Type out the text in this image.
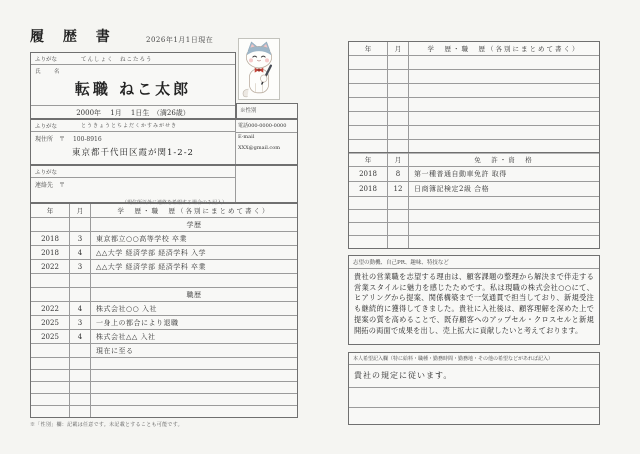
履 歴 書	2026年1月1日現在
ふりがな	てんしょく　ねこたろう
氏　名
転職 ねこ太郎
2000年　 1月　 1日生　（満26歳）	※性別
ふりがな	とうきょうとちよだくかすみがせき
現住所　〒 100-8916
東京都千代田区霞が関1-2-2
電話000-0000-0000
E-mail
XXX@gmail.com
ふりがな
連絡先　〒
（現住所以外に連絡を希望する場合のみ記入）
年	月	学　歴・職　歴（各別にまとめて書く）
学歴
2018	3	東京都立○○高等学校 卒業
2018	4	△△大学 経済学部 経済学科 入学
2022	3	△△大学 経済学部 経済学科 卒業
職歴
2022	4	株式会社○○ 入社
2025	3	一身上の都合により退職
2025	4	株式会社△△ 入社
現在に至る
※「性別」欄：記載は任意です。未記載とすることも可能です。
年	月	学　歴・職　歴（各別にまとめて書く）
年	月	免　許・資　格
2018	8	第一種普通自動車免許 取得
2018	12	日商簿記検定2級 合格
志望の動機、自己PR、趣味、特技など
貴社の営業職を志望する理由は、顧客課題の整理から解決まで伴走する営業スタイルに魅力を感じたためです。私は現職の株式会社○○にて、ヒアリングから提案、関係構築まで一気通貫で担当しており、新規受注も継続的に獲得してきました。貴社に入社後は、顧客理解を深めた上で提案の質を高めることで、既存顧客へのアップセル・クロスセルと新規開拓の両面で成果を出し、売上拡大に貢献したいと考えております。
本人希望記入欄（特に給料・職種・勤務時間・勤務地・その他の希望などがあれば記入）
貴社の規定に従います。
